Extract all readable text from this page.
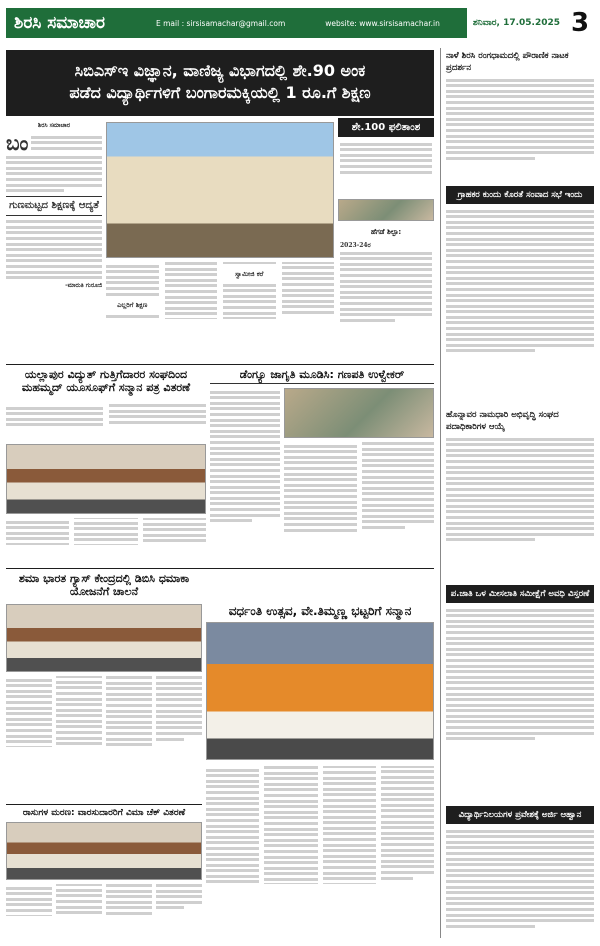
ಶಿರಸಿ ಸಮಾಚಾರ	E mail : sirsisamachar@gmail.com	website: www.sirsisamachar.in	ಶನಿವಾರ, 17.05.2025 3
ಸಿಬಿಎಸ್‌ಇ ವಿಜ್ಞಾನ, ವಾಣಿಜ್ಯ ವಿಭಾಗದಲ್ಲಿ ಶೇ.90 ಅಂಕ
ಪಡೆದ ವಿದ್ಯಾರ್ಥಿಗಳಿಗೆ ಬಂಗಾರಮಕ್ಕಿಯಲ್ಲಿ 1 ರೂ.ಗೆ ಶಿಕ್ಷಣ
ಶಿರಸಿ ಸಮಾಚಾರ
ಬಂ
ಗುಣಮಟ್ಟದ ಶಿಕ್ಷಣಕ್ಕೆ ಆದ್ಯತೆ
-ಮಾರುತಿ ಗುರೂಜಿ
ಶೇ.100 ಫಲಿತಾಂಶ
ಹೆಗಡೆ ಶಿಲ್ಪಾ:
2023-24ರ
ಎಲ್ಲರಿಗೆ ಶಿಕ್ಷಣ
ಸ್ವಾಮೀಜಿ ಕರೆ
ನಾಳೆ ಶಿರಸಿ ರಂಗಧಾಮದಲ್ಲಿ ಪೌರಾಣಿಕ ನಾಟಕ ಪ್ರದರ್ಶನ
ಗ್ರಾಹಕರ ಕುಂದು ಕೊರತೆ ಸಂವಾದ ಸಭೆ ಇಂದು
ಹೊನ್ನಾವರ ನಾಮಧಾರಿ ಅಭಿವೃದ್ಧಿ ಸಂಘದ ಪದಾಧಿಕಾರಿಗಳ ಆಯ್ಕೆ
ಪ.ಜಾತಿ ಒಳ ಮೀಸಲಾತಿ ಸಮೀಕ್ಷೆಗೆ ಅವಧಿ ವಿಸ್ತರಣೆ
ವಿದ್ಯಾರ್ಥಿನಿಲಯಗಳ ಪ್ರವೇಶಕ್ಕೆ ಅರ್ಜಿ ಆಹ್ವಾನ
ಯಲ್ಲಾಪುರ ವಿದ್ಯುತ್ ಗುತ್ತಿಗೆದಾರರ ಸಂಘದಿಂದ ಮಹಮ್ಮದ್ ಯೂಸೂಫ್‌ಗೆ ಸನ್ಮಾನ ಪತ್ರ ವಿತರಣೆ
ಡೆಂಗ್ಯೂ ಜಾಗೃತಿ ಮೂಡಿಸಿ: ಗಣಪತಿ ಉಳ್ವೇಕರ್
ಶಮಾ ಭಾರತ ಗ್ಯಾಸ್ ಕೇಂದ್ರದಲ್ಲಿ ಡಿಬಿಸಿ ಧಮಾಕಾ ಯೋಜನೆಗೆ ಚಾಲನೆ
ವರ್ಧಂತಿ ಉತ್ಸವ, ವೇ.ತಿಮ್ಮಣ್ಣ ಭಟ್ಟರಿಗೆ ಸನ್ಮಾನ
ರಾಸುಗಳ ಮರಣ: ವಾರಸುದಾರರಿಗೆ ವಿಮಾ ಚೆಕ್ ವಿತರಣೆ
